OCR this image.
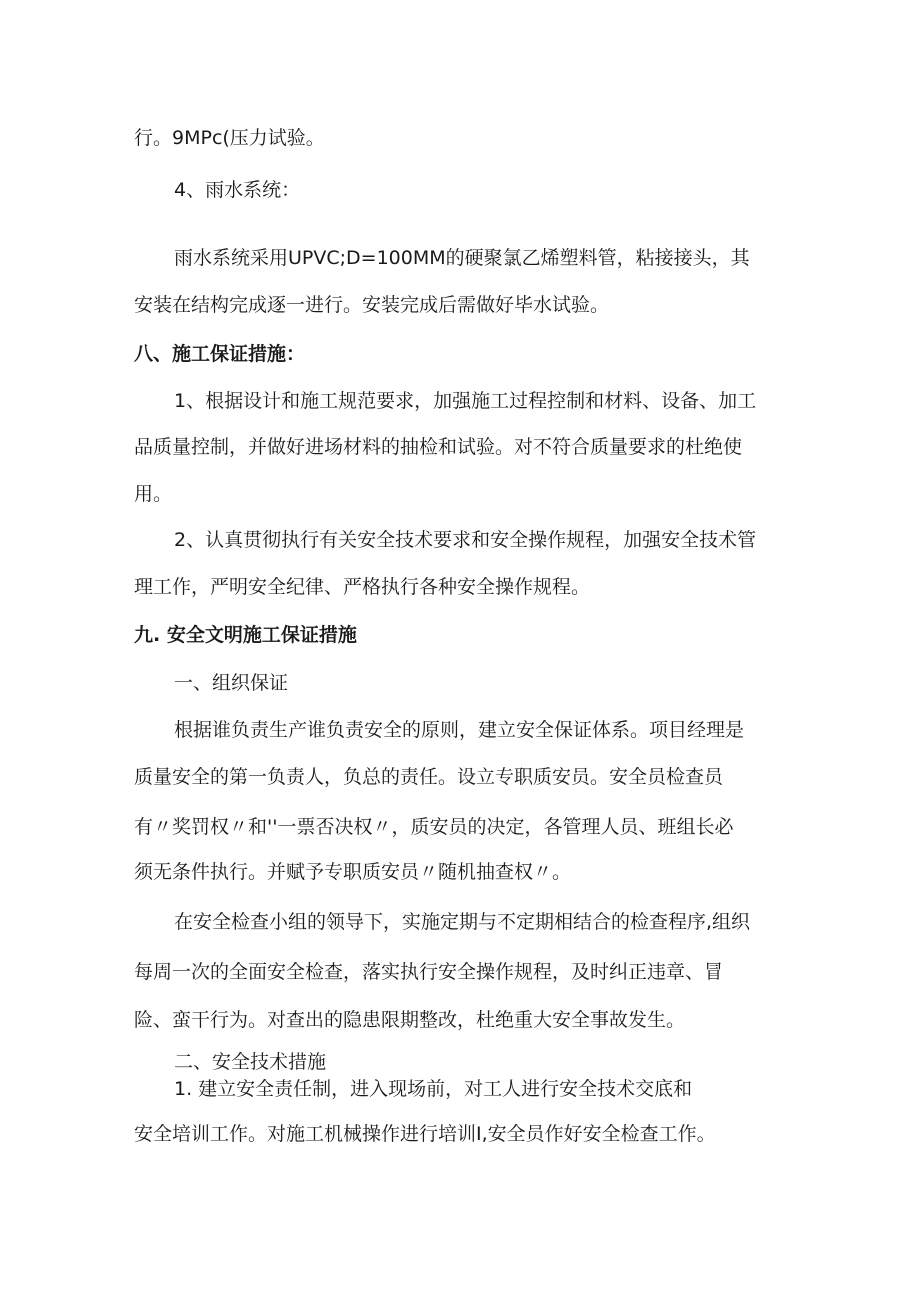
行。9MPc(压力试验。
4、雨水系统：
雨水系统采用UPVC;D=100MM的硬聚氯乙烯塑料管，粘接接头，其
安装在结构完成逐一进行。安装完成后需做好毕水试验。
八、施工保证措施：
1、根据设计和施工规范要求，加强施工过程控制和材料、设备、加工
品质量控制，并做好进场材料的抽检和试验。对不符合质量要求的杜绝使
用。
2、认真贯彻执行有关安全技术要求和安全操作规程，加强安全技术管
理工作，严明安全纪律、严格执行各种安全操作规程。
九. 安全文明施工保证措施
一、组织保证
根据谁负责生产谁负责安全的原则，建立安全保证体系。项目经理是
质量安全的第一负责人，负总的责任。设立专职质安员。安全员检查员
有〃奖罚权〃和''一票否决权〃，质安员的决定，各管理人员、班组长必
须无条件执行。并赋予专职质安员〃随机抽查权〃。
在安全检查小组的领导下，实施定期与不定期相结合的检查程序,组织
每周一次的全面安全检查，落实执行安全操作规程，及时纠正违章、冒
险、蛮干行为。对查出的隐患限期整改，杜绝重大安全事故发生。
二、安全技术措施
1. 建立安全责任制，进入现场前，对工人进行安全技术交底和
安全培训工作。对施工机械操作进行培训I,安全员作好安全检查工作。
